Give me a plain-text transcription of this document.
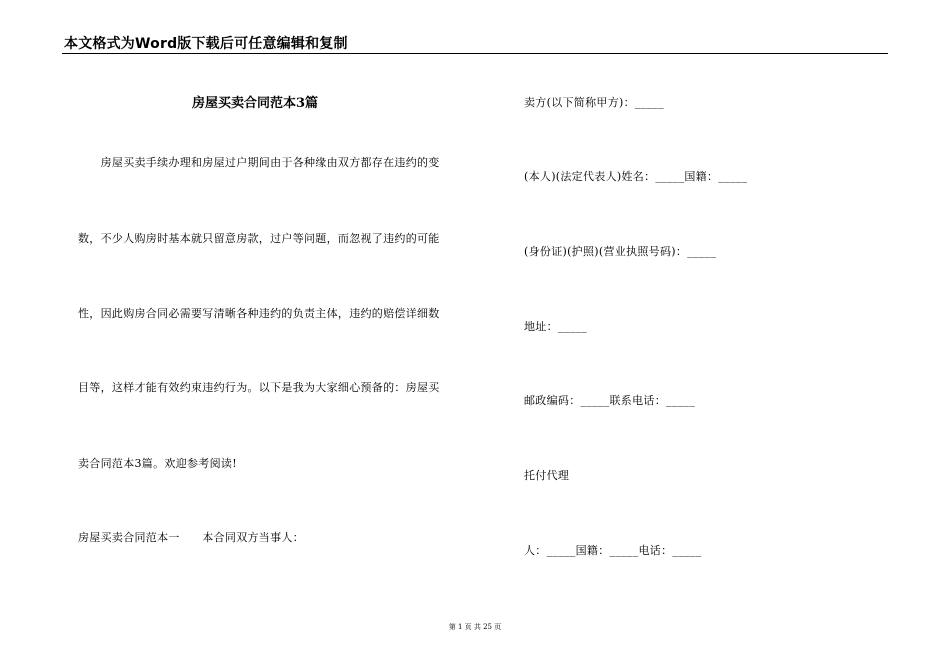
本文格式为Word版下载后可任意编辑和复制
房屋买卖合同范本3篇
　　房屋买卖手续办理和房屋过户期间由于各种缘由双方都存在违约的变
数，不少人购房时基本就只留意房款，过户等问题，而忽视了违约的可能
性，因此购房合同必需要写清晰各种违约的负责主体，违约的赔偿详细数
目等，这样才能有效约束违约行为。以下是我为大家细心预备的：房屋买
卖合同范本3篇。欢迎参考阅读!
房屋买卖合同范本一　　本合同双方当事人：
卖方(以下简称甲方)：_____
(本人)(法定代表人)姓名：_____国籍：_____
(身份证)(护照)(营业执照号码)：_____
地址：_____
邮政编码：_____联系电话：_____
托付代理
人：_____国籍：_____电话：_____
第 1 页 共 25 页
